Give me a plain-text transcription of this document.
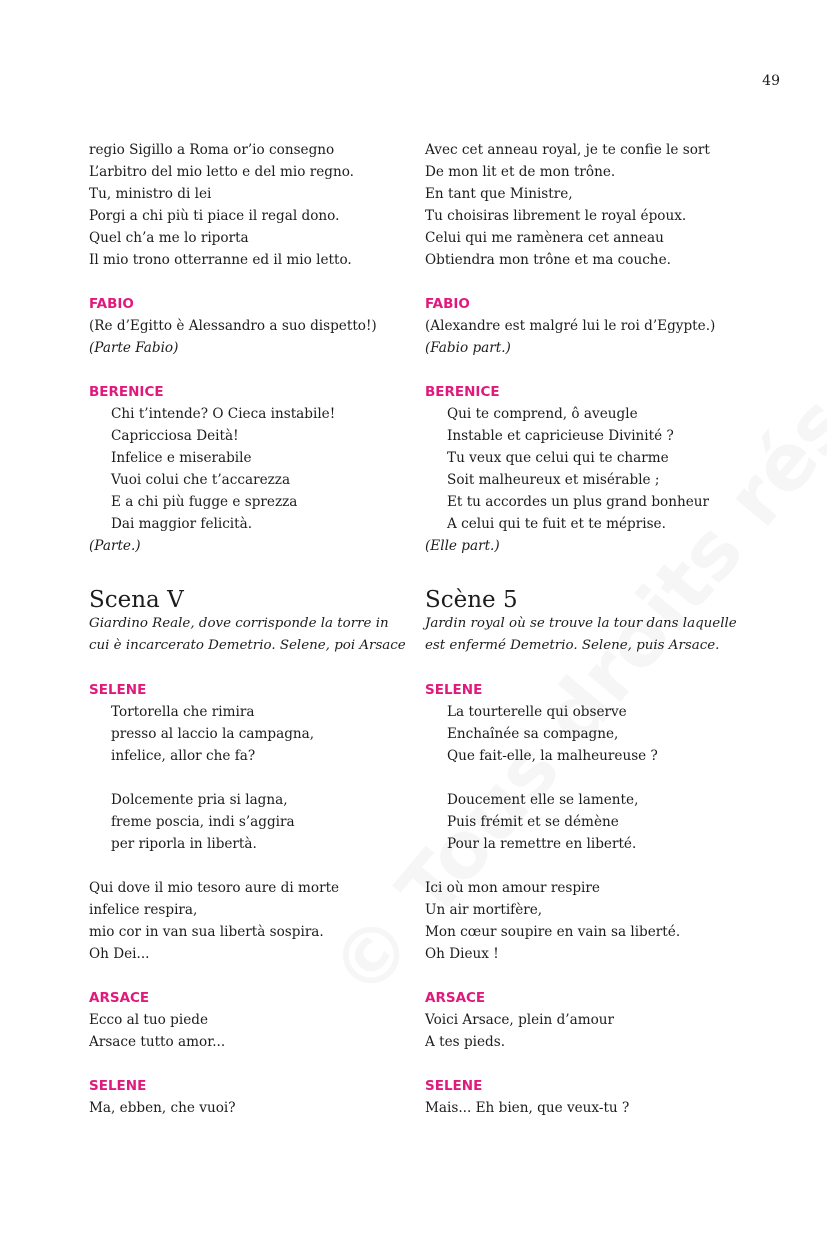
49
regio Sigillo a Roma or’io consegno
L’arbitro del mio letto e del mio regno.
Tu, ministro di lei
Porgi a chi più ti piace il regal dono.
Quel ch’a me lo riporta
Il mio trono otterranne ed il mio letto.
FABIO
(Re d’Egitto è Alessandro a suo dispetto!)
(Parte Fabio)
BERENICE
Chi t’intende? O Cieca instabile!
Capricciosa Deità!
Infelice e miserabile
Vuoi colui che t’accarezza
E a chi più fugge e sprezza
Dai maggior felicità.
(Parte.)
Scena V
Giardino Reale, dove corrisponde la torre in
cui è incarcerato Demetrio. Selene, poi Arsace
SELENE
Tortorella che rimira
presso al laccio la campagna,
infelice, allor che fa?
Dolcemente pria si lagna,
freme poscia, indi s’aggira
per riporla in libertà.
Qui dove il mio tesoro aure di morte
infelice respira,
mio cor in van sua libertà sospira.
Oh Dei...
ARSACE
Ecco al tuo piede
Arsace tutto amor...
SELENE
Ma, ebben, che vuoi?
Avec cet anneau royal, je te confie le sort
De mon lit et de mon trône.
En tant que Ministre,
Tu choisiras librement le royal époux.
Celui qui me ramènera cet anneau
Obtiendra mon trône et ma couche.
FABIO
(Alexandre est malgré lui le roi d’Egypte.)
(Fabio part.)
BERENICE
Qui te comprend, ô aveugle
Instable et capricieuse Divinité ?
Tu veux que celui qui te charme
Soit malheureux et misérable ;
Et tu accordes un plus grand bonheur
A celui qui te fuit et te méprise.
(Elle part.)
Scène 5
Jardin royal où se trouve la tour dans laquelle
est enfermé Demetrio. Selene, puis Arsace.
SELENE
La tourterelle qui observe
Enchaînée sa compagne,
Que fait-elle, la malheureuse ?
Doucement elle se lamente,
Puis frémit et se démène
Pour la remettre en liberté.
Ici où mon amour respire
Un air mortifère,
Mon cœur soupire en vain sa liberté.
Oh Dieux !
ARSACE
Voici Arsace, plein d’amour
A tes pieds.
SELENE
Mais... Eh bien, que veux-tu ?
